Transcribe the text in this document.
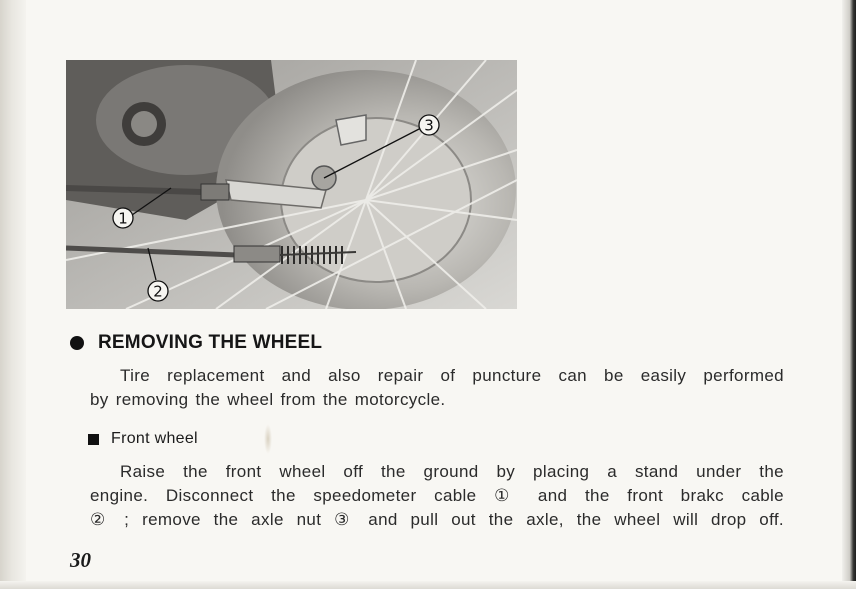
1
2
3
REMOVING THE WHEEL
Tire replacement and also repair of puncture can be easily performed
by removing the wheel from the motorcycle.
Front wheel
Raise the front wheel off the ground by placing a stand under the
engine. Disconnect the speedometer cable ① and the front brakc cable
② ; remove the axle nut ③ and pull out the axle, the wheel will drop off.
30
